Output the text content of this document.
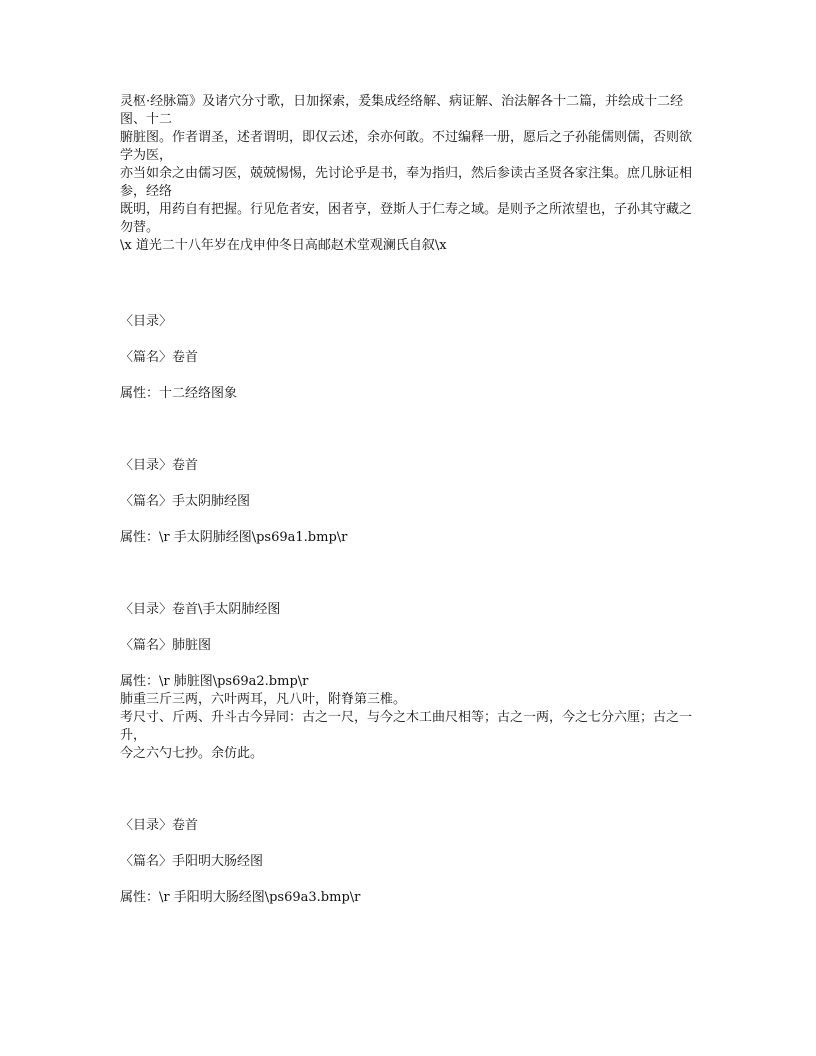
灵枢·经脉篇》及诸穴分寸歌，日加探索，爰集成经络解、病证解、治法解各十二篇，并绘成十二经图、十二
腑脏图。作者谓圣，述者谓明，即仅云述，余亦何敢。不过编释一册，愿后之子孙能儒则儒，否则欲学为医，
亦当如余之由儒习医，兢兢惕惕，先讨论乎是书，奉为指归，然后参读古圣贤各家注集。庶几脉证相参，经络
既明，用药自有把握。行见危者安，困者亨，登斯人于仁寿之域。是则予之所浓望也，子孙其守藏之勿替。
\x 道光二十八年岁在戊申仲冬日高邮赵术堂观澜氏自叙\x
〈目录〉
〈篇名〉卷首
属性：十二经络图象
〈目录〉卷首
〈篇名〉手太阴肺经图
属性：\r 手太阴肺经图\ps69a1.bmp\r
〈目录〉卷首\手太阴肺经图
〈篇名〉肺脏图
属性：\r 肺脏图\ps69a2.bmp\r
肺重三斤三两，六叶两耳，凡八叶，附脊第三椎。
考尺寸、斤两、升斗古今异同：古之一尺，与今之木工曲尺相等；古之一两，今之七分六厘；古之一升，
今之六勺七抄。余仿此。
〈目录〉卷首
〈篇名〉手阳明大肠经图
属性：\r 手阳明大肠经图\ps69a3.bmp\r
